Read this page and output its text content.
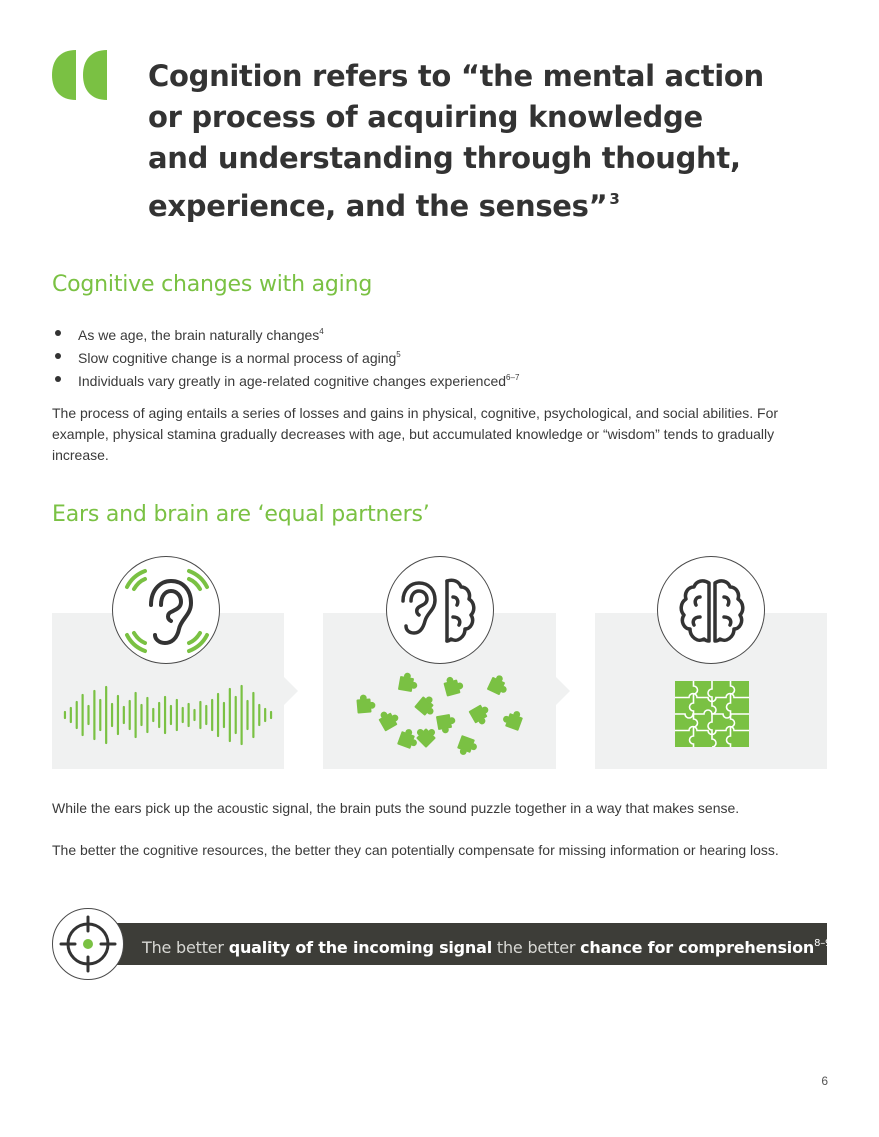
Cognition refers to “the mental action
or process of acquiring knowledge
and understanding through thought,
experience, and the senses” $^3$
Cognitive changes with aging
As we age, the brain naturally changes$^4$
Slow cognitive change is a normal process of aging$^5$
Individuals vary greatly in age-related cognitive changes experienced$^{6-7}$

The process of aging entails a series of losses and gains in physical, cognitive, psychological, and social abilities. For example, physical stamina gradually decreases with age, but accumulated knowledge or “wisdom” tends to gradually increase.

Ears and brain are ‘equal partners’

While the ears pick up the acoustic signal, the brain puts the sound puzzle together in a way that makes sense.

The better the cognitive resources, the better they can potentially compensate for missing information or hearing loss.

The better quality of the incoming signal the better chance for comprehension$^{8-9}$
6
